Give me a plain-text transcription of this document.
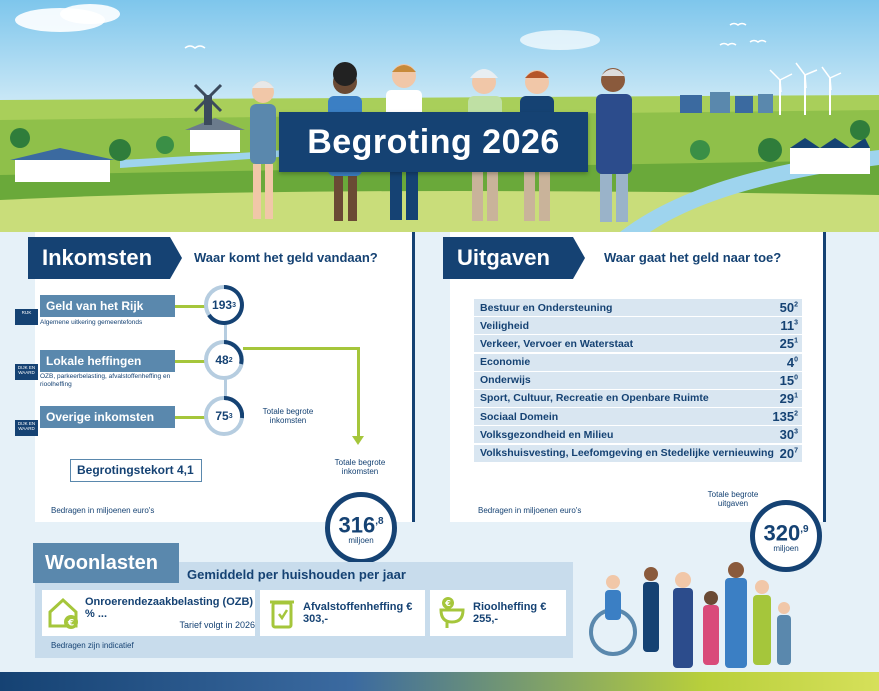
Begroting 2026
Inkomsten	Waar komt het geld vandaan?
RIJK	Geld van het Rijk
Algemene uitkering gemeentefonds
193 3
DIJK EN WAARD
Lokale heffingen
OZB, parkeerbelasting, afvalstoffenheffing en rioolheffing
48 2
DIJK EN WAARD
Overige inkomsten	75 3	Totale begrote inkomsten
Begrotingstekort 4,1
Totale begrote inkomsten
Bedragen in miljoenen euro's
$316^{,8}$
miljoen
Uitgaven	Waar gaat het geld naar toe?
Bestuur en Ondersteuning	$50^2$
Veiligheid	$11^3$
Verkeer, Vervoer en Waterstaat	$25^1$
Economie	$4^0$
Onderwijs	$15^0$
Sport, Cultuur, Recreatie en Openbare Ruimte	$29^1$
Sociaal Domein	$135^2$
Volksgezondheid en Milieu	$30^3$
Volkshuisvesting, Leefomgeving en Stedelijke vernieuwing $20^7$
Bedragen in miljoenen euro's
Totale begrote uitgaven
$320^{,9}$
miljoen
Woonlasten
Gemiddeld per huishouden per jaar
€
Onroerendezaakbelasting (OZB) % ...
Tarief volgt in 2026
Afvalstoffenheffing € 303,-
€ Rioolheffing € 255,-
Bedragen zijn indicatief
